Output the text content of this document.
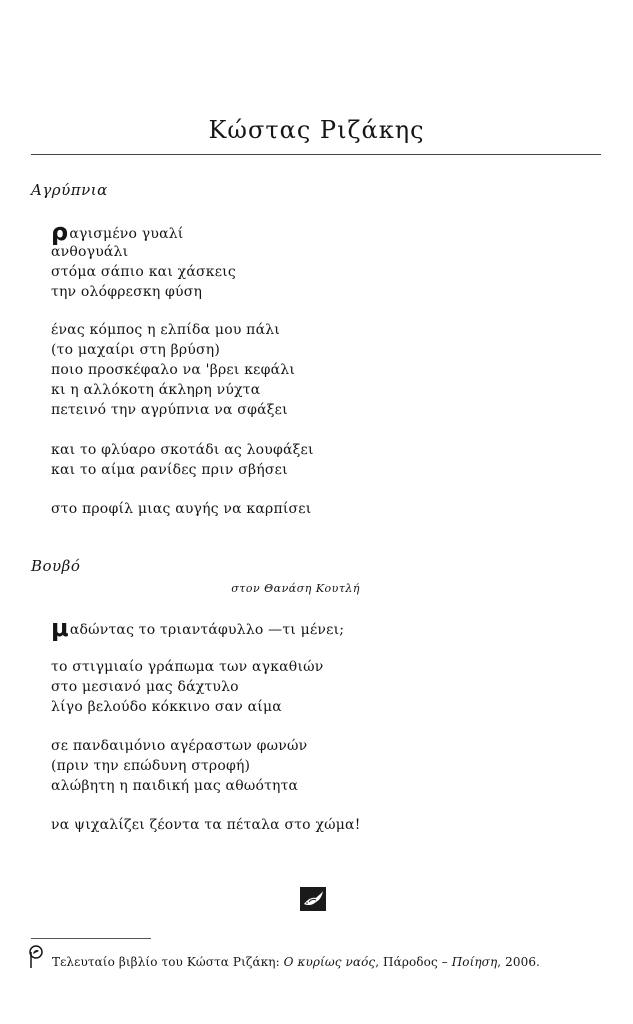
Κώστας Ριζάκης
Αγρύπνια
ραγισμένο γυαλί
ανθογυάλι
στόμα σάπιο και χάσκεις
την ολόφρεσκη φύση
ένας κόμπος η ελπίδα μου πάλι
(το μαχαίρι στη βρύση)
ποιο προσκέφαλο να 'βρει κεφάλι
κι η αλλόκοτη άκληρη νύχτα
πετεινό την αγρύπνια να σφάξει
και το φλύαρο σκοτάδι ας λουφάξει
και το αίμα ρανίδες πριν σβήσει
στο προφίλ μιας αυγής να καρπίσει
Βουβό
στον Θανάση Κουτλή
μαδώντας το τριαντάφυλλο —τι μένει;
το στιγμιαίο γράπωμα των αγκαθιών
στο μεσιανό μας δάχτυλο
λίγο βελούδο κόκκινο σαν αίμα
σε πανδαιμόνιο αγέραστων φωνών
(πριν την επώδυνη στροφή)
αλώβητη η παιδική μας αθωότητα
να ψιχαλίζει ζέοντα τα πέταλα στο χώμα!
Τελευταίο βιβλίο του Κώστα Ριζάκη: Ο κυρίως ναός, Πάροδος – Ποίηση, 2006.
